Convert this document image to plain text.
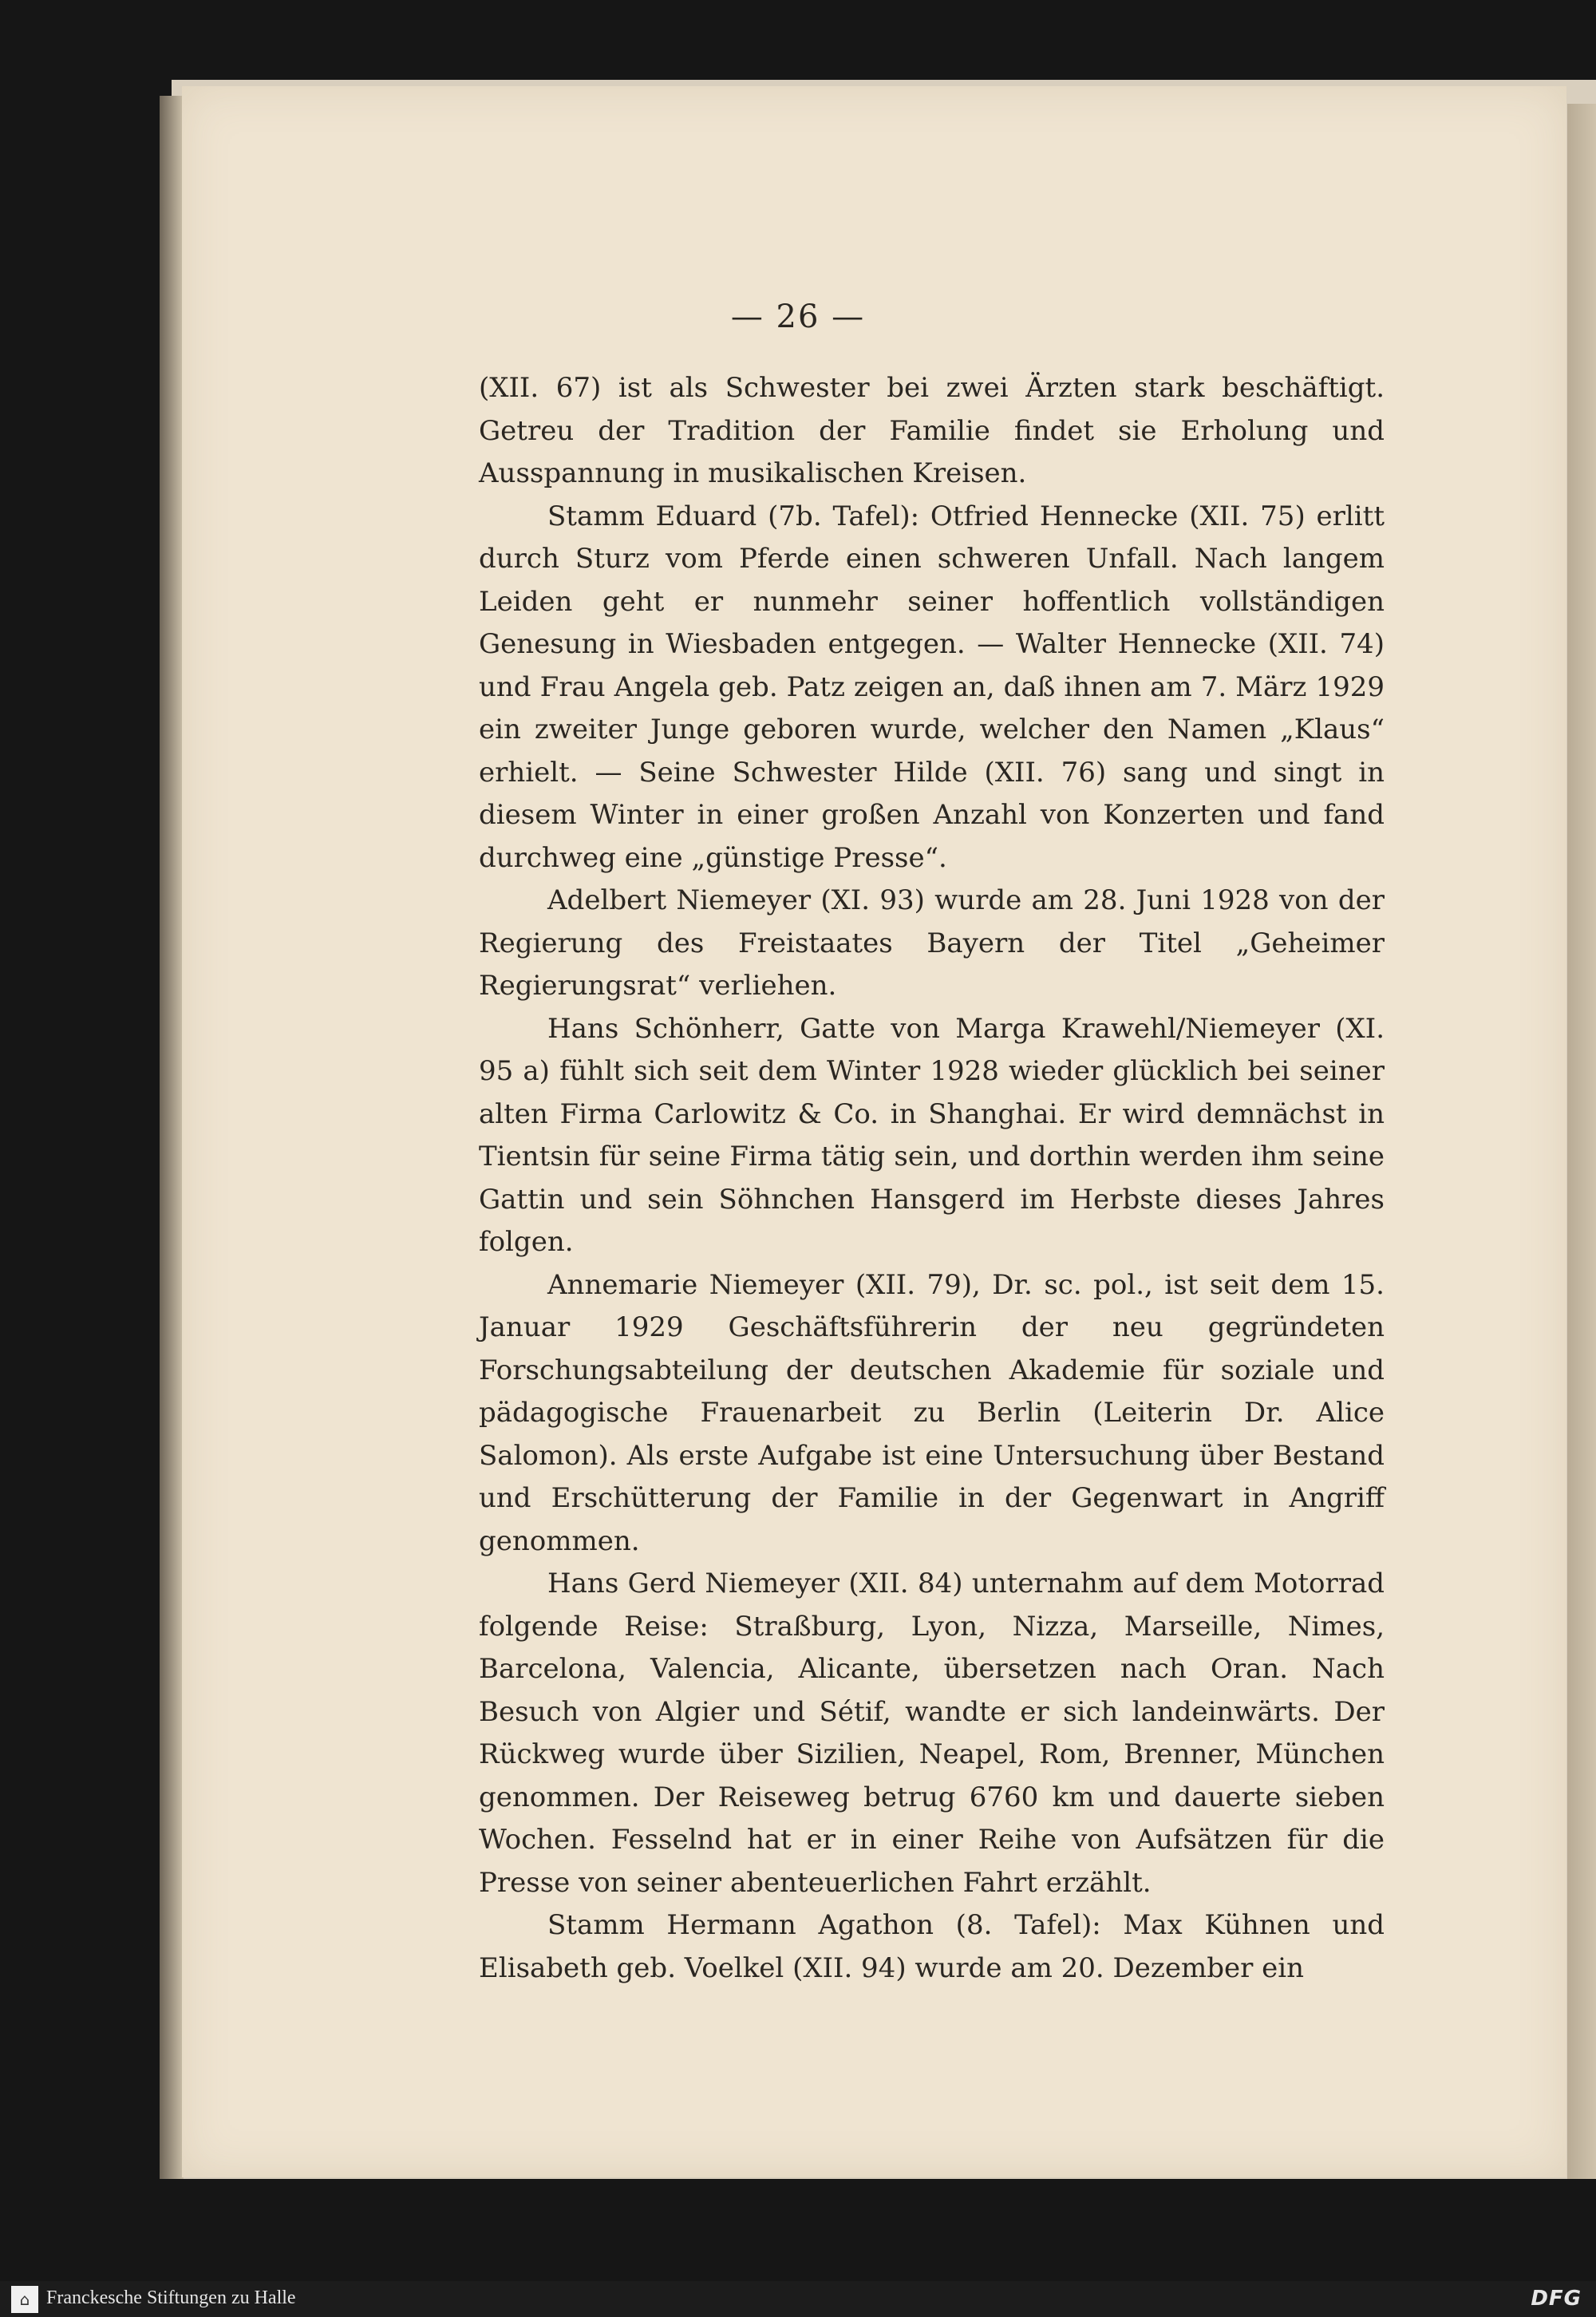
— 26 —

(XII. 67) ist als Schwester bei zwei Ärzten stark beschäftigt. Getreu der Tradition der Familie findet sie Erholung und Ausspannung in musikalischen Kreisen.

Stamm Eduard (7b. Tafel): Otfried Hennecke (XII. 75) erlitt durch Sturz vom Pferde einen schweren Unfall. Nach langem Leiden geht er nunmehr seiner hoffentlich vollständigen Genesung in Wiesbaden entgegen. — Walter Hennecke (XII. 74) und Frau Angela geb. Patz zeigen an, daß ihnen am 7. März 1929 ein zweiter Junge geboren wurde, welcher den Namen „Klaus“ erhielt. — Seine Schwester Hilde (XII. 76) sang und singt in diesem Winter in einer großen Anzahl von Konzerten und fand durchweg eine „günstige Presse“.

Adelbert Niemeyer (XI. 93) wurde am 28. Juni 1928 von der Regierung des Freistaates Bayern der Titel „Geheimer Regierungsrat“ verliehen.

Hans Schönherr, Gatte von Marga Krawehl/Niemeyer (XI. 95 a) fühlt sich seit dem Winter 1928 wieder glücklich bei seiner alten Firma Carlowitz & Co. in Shanghai. Er wird demnächst in Tientsin für seine Firma tätig sein, und dorthin werden ihm seine Gattin und sein Söhnchen Hansgerd im Herbste dieses Jahres folgen.

Annemarie Niemeyer (XII. 79), Dr. sc. pol., ist seit dem 15. Januar 1929 Geschäftsführerin der neu gegründeten Forschungsabteilung der deutschen Akademie für soziale und pädagogische Frauenarbeit zu Berlin (Leiterin Dr. Alice Salomon). Als erste Aufgabe ist eine Untersuchung über Bestand und Erschütterung der Familie in der Gegenwart in Angriff genommen.

Hans Gerd Niemeyer (XII. 84) unternahm auf dem Motorrad folgende Reise: Straßburg, Lyon, Nizza, Marseille, Nimes, Barcelona, Valencia, Alicante, übersetzen nach Oran. Nach Besuch von Algier und Sétif, wandte er sich landeinwärts. Der Rückweg wurde über Sizilien, Neapel, Rom, Brenner, München genommen. Der Reiseweg betrug 6760 km und dauerte sieben Wochen. Fesselnd hat er in einer Reihe von Aufsätzen für die Presse von seiner abenteuerlichen Fahrt erzählt.

Stamm Hermann Agathon (8. Tafel): Max Kühnen und Elisabeth geb. Voelkel (XII. 94) wurde am 20. Dezember ein

⌂ Franckesche Stiftungen zu Halle	DFG
